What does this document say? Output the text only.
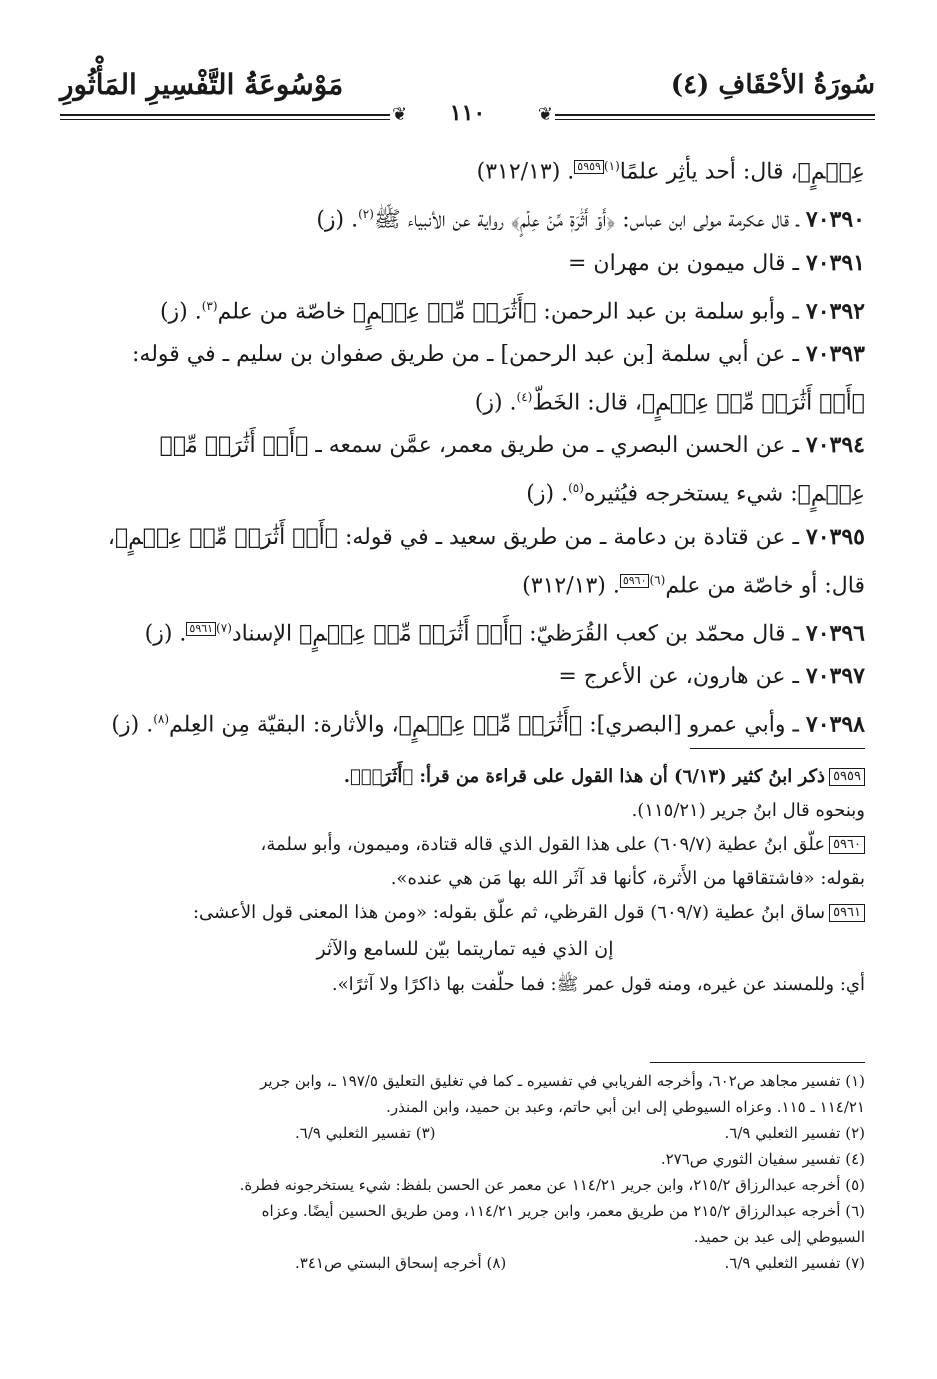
سُورَةُ الأحْقَافِ (٤)
مَوْسُوعَةُ التَّفْسِيرِ المَأْثُورِ
❦
❦	١١٠
عِلۡمٍ﴾، قال: أحد يأثِر علمًا$^{(١)}$٥٩٥٩. (٣١٢/١٣)
٧٠٣٩٠ ـ قال عكرمة مولى ابن عباس: ﴿أَوۡ أَثَٰرَةٖ مِّنۡ عِلۡمٍ﴾ رواية عن الأنبياء ﷺ$^{(٢)}$. (ز)
٧٠٣٩١ ـ قال ميمون بن مهران =
٧٠٣٩٢ ـ وأبو سلمة بن عبد الرحمن: ﴿أَثَٰرَةٖ مِّنۡ عِلۡمٍ﴾ خاصّة من علم$^{(٣)}$. (ز)
٧٠٣٩٣ ـ عن أبي سلمة [بن عبد الرحمن] ـ من طريق صفوان بن سليم ـ في قوله:
﴿أَوۡ أَثَٰرَةٖ مِّنۡ عِلۡمٍ﴾، قال: الخَطّ$^{(٤)}$. (ز)
٧٠٣٩٤ ـ عن الحسن البصري ـ من طريق معمر، عمَّن سمعه ـ ﴿أَوۡ أَثَٰرَةٖ مِّنۡ
عِلۡمٍ﴾: شيء يستخرجه فيُثيره$^{(٥)}$. (ز)
٧٠٣٩٥ ـ عن قتادة بن دعامة ـ من طريق سعيد ـ في قوله: ﴿أَوۡ أَثَٰرَةٖ مِّنۡ عِلۡمٍ﴾،
قال: أو خاصّة من علم$^{(٦)}$٥٩٦٠. (٣١٢/١٣)
٧٠٣٩٦ ـ قال محمّد بن كعب القُرَظيّ: ﴿أَوۡ أَثَٰرَةٖ مِّنۡ عِلۡمٍ﴾ الإسناد$^{(٧)}$٥٩٦١. (ز)
٧٠٣٩٧ ـ عن هارون، عن الأعرج =
٧٠٣٩٨ ـ وأبي عمرو [البصري]: ﴿أَثَٰرَةٖ مِّنۡ عِلۡمٍ﴾، والأثارة: البقيّة مِن العِلم$^{(٨)}$. (ز)
٥٩٥٩ذكر ابنُ كثير (٦/١٣) أن هذا القول على قراءة من قرأ: ﴿أَثَرَةٖ﴾.
وبنحوه قال ابنُ جرير (١١٥/٢١).
٥٩٦٠علّق ابنُ عطية (٦٠٩/٧) على هذا القول الذي قاله قتادة، وميمون، وأبو سلمة،
بقوله: «فاشتقاقها من الأَثرة، كأنها قد آثَر الله بها مَن هي عنده».
٥٩٦١ساق ابنُ عطية (٦٠٩/٧) قول القرظي، ثم علّق بقوله: «ومن هذا المعنى قول الأعشى:
إن الذي فيه تماريتما بيّن للسامع والآثر
أي: وللمسند عن غيره، ومنه قول عمر ﷺ: فما حلّفت بها ذاكرًا ولا آثرًا».
(١) تفسير مجاهد ص٦٠٢، وأخرجه الفريابي في تفسيره ـ كما في تغليق التعليق ١٩٧/٥ ـ، وابن جرير
١١٤/٢١ ـ ١١٥. وعزاه السيوطي إلى ابن أبي حاتم، وعبد بن حميد، وابن المنذر.
(٢) تفسير الثعلبي ٦/٩.
(٣) تفسير الثعلبي ٦/٩.
(٤) تفسير سفيان الثوري ص٢٧٦.
(٥) أخرجه عبدالرزاق ٢١٥/٢، وابن جرير ١١٤/٢١ عن معمر عن الحسن بلفظ: شيء يستخرجونه فطرة.
(٦) أخرجه عبدالرزاق ٢١٥/٢ من طريق معمر، وابن جرير ١١٤/٢١، ومن طريق الحسين أيضًا. وعزاه
السيوطي إلى عبد بن حميد.
(٧) تفسير الثعلبي ٦/٩.
(٨) أخرجه إسحاق البستي ص٣٤١.
